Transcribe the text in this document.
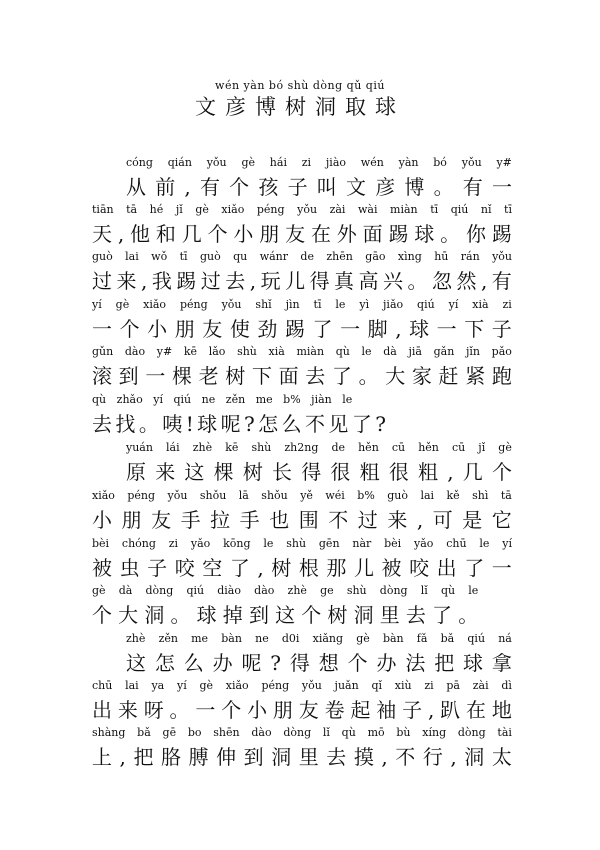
wén yàn bó shù dòng qǔ qiú
文彦博树洞取球
cóng qián yǒu gè hái zi jiào wén yàn bó yǒu y#
从 前 , 有 个 孩 子 叫 文 彦 博 。 有 一
tiān tā hé jǐ gè xiǎo péng yǒu zài wài miàn tī qiú nǐ tī
天 , 他 和 几 个 小 朋 友 在 外 面 踢 球 。 你 踢
guò lai wǒ tī guò qu wánr de zhēn gāo xìng hū rán yǒu
过 来 , 我 踢 过 去 , 玩 儿 得 真 高 兴 。 忽 然 , 有
yí gè xiǎo péng yǒu shǐ jìn tī le yì jiǎo qiú yí xià zi
一 个 小 朋 友 使 劲 踢 了 一 脚 , 球 一 下 子
gǔn dào y# kē lǎo shù xià miàn qù le dà jiā gǎn jǐn pǎo
滚 到 一 棵 老 树 下 面 去 了 。 大 家 赶 紧 跑
qù zhǎo yí qiú ne zěn me b% jiàn le
去 找 。 咦 ! 球 呢 ? 怎 么 不 见 了 ?
yuán lái zhè kē shù zh2ng de hěn cū hěn cū jǐ gè
原 来 这 棵 树 长 得 很 粗 很 粗 , 几 个
xiǎo péng yǒu shǒu lā shǒu yě wéi b% guò lai kě shì tā
小 朋 友 手 拉 手 也 围 不 过 来 , 可 是 它
bèi chóng zi yǎo kōng le shù gēn nàr bèi yǎo chū le yí
被 虫 子 咬 空 了 , 树 根 那 儿 被 咬 出 了 一
gè dà dòng qiú diào dào zhè ge shù dòng lǐ qù le
个 大 洞 。 球 掉 到 这 个 树 洞 里 去 了 。
zhè zěn me bàn ne d0i xiǎng gè bàn fǎ bǎ qiú ná
这 怎 么 办 呢 ? 得 想 个 办 法 把 球 拿
chū lai ya yí gè xiǎo péng yǒu juǎn qǐ xiù zi pā zài dì
出 来 呀 。 一 个 小 朋 友 卷 起 袖 子 , 趴 在 地
shàng bǎ gē bo shēn dào dòng lǐ qù mō bù xíng dòng tài
上 , 把 胳 膊 伸 到 洞 里 去 摸 , 不 行 , 洞 太
